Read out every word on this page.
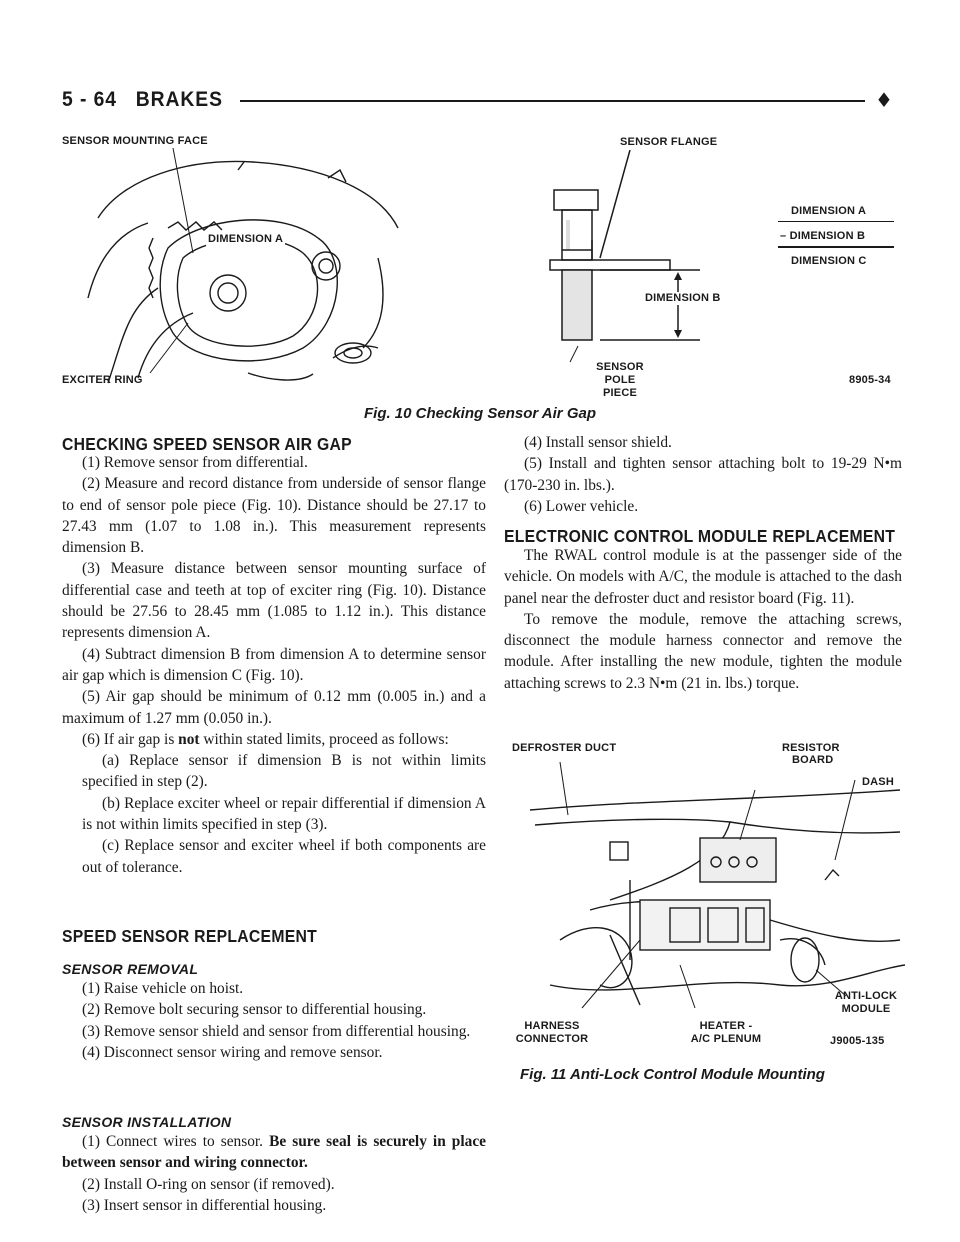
5 - 64 BRAKES	♦
SENSOR MOUNTING FACE
DIMENSION A
EXCITER RING
SENSOR FLANGE
DIMENSION B
SENSOR POLE
PIECE
DIMENSION A
– DIMENSION B
DIMENSION C
8905-34
Fig. 10 Checking Sensor Air Gap
CHECKING SPEED SENSOR AIR GAP

(1) Remove sensor from differential.

(2) Measure and record distance from underside of sensor flange to end of sensor pole piece (Fig. 10). Distance should be 27.17 to 27.43 mm (1.07 to 1.08 in.). This measurement represents dimension B.

(3) Measure distance between sensor mounting surface of differential case and teeth at top of exciter ring (Fig. 10). Distance should be 27.56 to 28.45 mm (1.085 to 1.12 in.). This distance represents dimension A.

(4) Subtract dimension B from dimension A to determine sensor air gap which is dimension C (Fig. 10).

(5) Air gap should be minimum of 0.12 mm (0.005 in.) and a maximum of 1.27 mm (0.050 in.).

(6) If air gap is not within stated limits, proceed as follows:

(a) Replace sensor if dimension B is not within limits specified in step (2).

(b) Replace exciter wheel or repair differential if dimension A is not within limits specified in step (3).

(c) Replace sensor and exciter wheel if both components are out of tolerance.

SPEED SENSOR REPLACEMENT
SENSOR REMOVAL

(1) Raise vehicle on hoist.

(2) Remove bolt securing sensor to differential housing.

(3) Remove sensor shield and sensor from differential housing.

(4) Disconnect sensor wiring and remove sensor.

SENSOR INSTALLATION

(1) Connect wires to sensor. Be sure seal is securely in place between sensor and wiring connector.

(2) Install O-ring on sensor (if removed).

(3) Insert sensor in differential housing.

(4) Install sensor shield.

(5) Install and tighten sensor attaching bolt to 19-29 N•m (170-230 in. lbs.).

(6) Lower vehicle.

ELECTRONIC CONTROL MODULE REPLACEMENT

The RWAL control module is at the passenger side of the vehicle. On models with A/C, the module is attached to the dash panel near the defroster duct and resistor board (Fig. 11).

To remove the module, remove the attaching screws, disconnect the module harness connector and remove the module. After installing the new module, tighten the module attaching screws to 2.3 N•m (21 in. lbs.) torque.

DEFROSTER DUCT	RESISTOR
BOARD
DASH
ANTI-LOCK
MODULE
HARNESS
CONNECTOR
HEATER -
A/C PLENUM	J9005-135
Fig. 11 Anti-Lock Control Module Mounting
